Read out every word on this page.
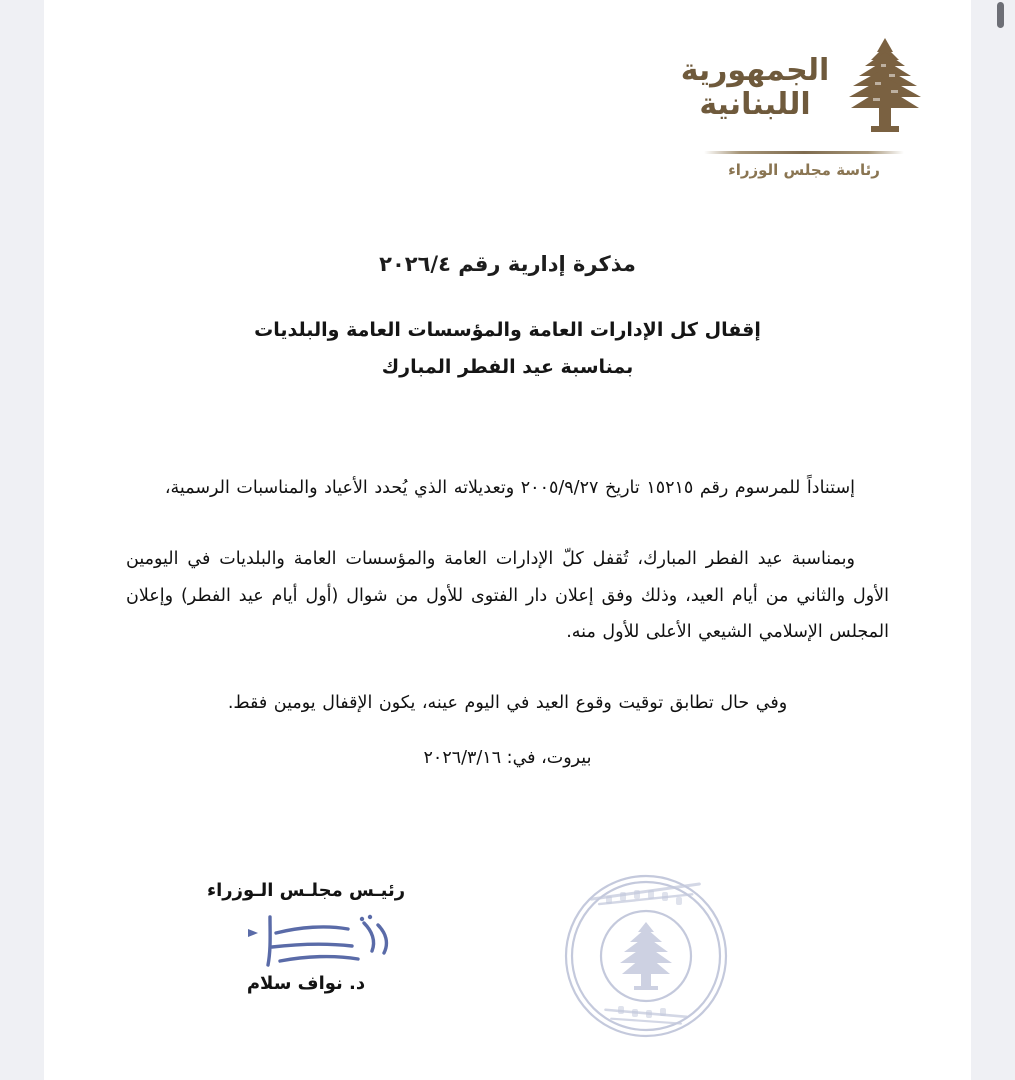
الجمهورية
اللبنانية
رئاسة مجلس الوزراء
مذكرة إدارية رقم ٢٠٢٦/٤
إقفال كل الإدارات العامة والمؤسسات العامة والبلديات
بمناسبة عيد الفطر المبارك

إستناداً للمرسوم رقم ١٥٢١٥ تاريخ ٢٠٠٥/٩/٢٧ وتعديلاته الذي يُحدد الأعياد والمناسبات الرسمية،

وبمناسبة عيد الفطر المبارك، تُقفل كلّ الإدارات العامة والمؤسسات العامة والبلديات في اليومين الأول والثاني من أيام العيد، وذلك وفق إعلان دار الفتوى للأول من شوال (أول أيام عيد الفطر) وإعلان المجلس الإسلامي الشيعي الأعلى للأول منه.

وفي حال تطابق توقيت وقوع العيد في اليوم عينه، يكون الإقفال يومين فقط.

بيروت، في: ٢٠٢٦/٣/١٦

رئيـس مجلـس الـوزراء
د. نواف سلام
